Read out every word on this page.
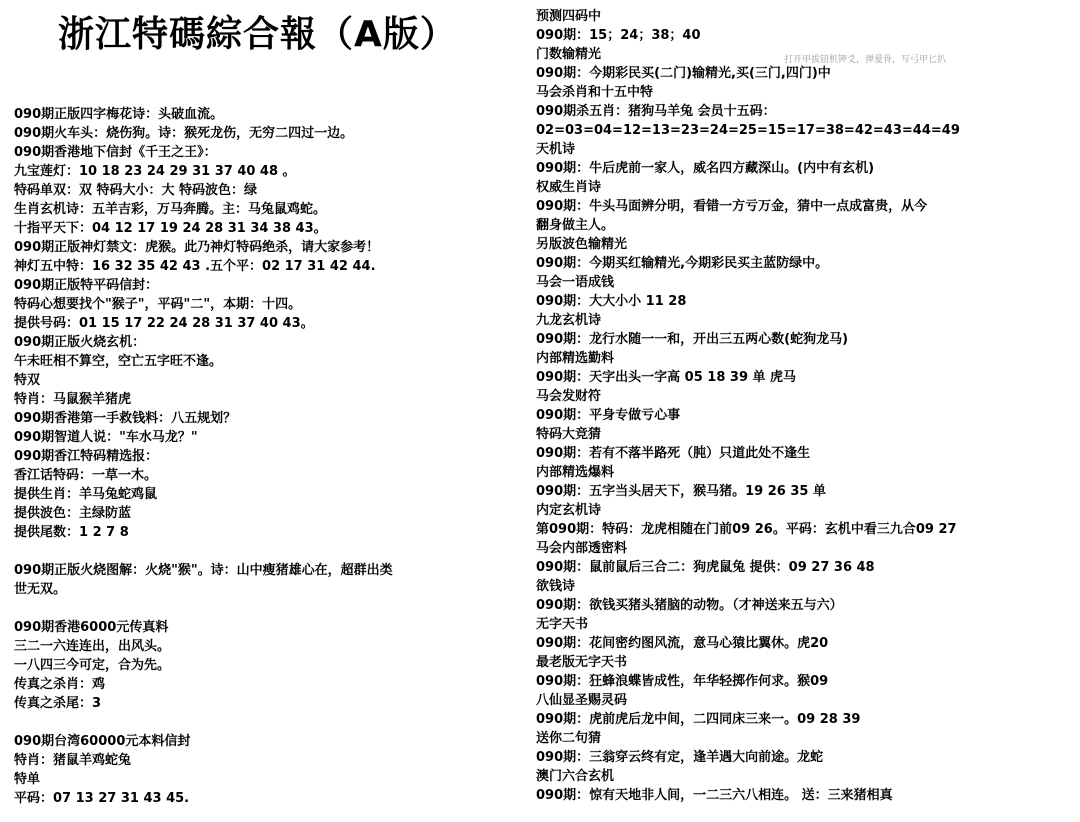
浙江特碼綜合報（A版）
打开甲拔钮机钾爻，弹爱骨，写弓甲匕扒
090期正版四字梅花诗：头破血流。
090期火车头：烧伤狗。诗：猴死龙伤，无穷二四过一边。
090期香港地下信封《千王之王》：
九宝莲灯：10 18 23 24 29 31 37 40 48 。
特码单双：双 特码大小：大 特码波色：绿
生肖玄机诗：五羊吉彩，万马奔腾。主：马兔鼠鸡蛇。
十指平天下：04 12 17 19 24 28 31 34 38 43。
090期正版神灯禁文：虎猴。此乃神灯特码绝杀，请大家参考！
神灯五中特：16 32 35 42 43 .五个平：02 17 31 42 44.
090期正版特平码信封：
特码心想要找个"猴子"，平码"二"，本期：十四。
提供号码：01 15 17 22 24 28 31 37 40 43。
090期正版火烧玄机：
午未旺相不算空，空亡五字旺不逢。
特双
特肖：马鼠猴羊猪虎
090期香港第一手救钱料：八五规划？
090期智道人说："车水马龙？"
090期香江特码精选报：
香江话特码：一草一木。
提供生肖：羊马兔蛇鸡鼠
提供波色：主绿防蓝
提供尾数：1 2 7 8
090期正版火烧图解：火烧"猴"。诗：山中瘦猪雄心在，超群出类
世无双。
090期香港6000元传真料
三二一六连连出，出风头。
一八四三今可定，合为先。
传真之杀肖：鸡
传真之杀尾：3
090期台湾60000元本料信封
特肖：猪鼠羊鸡蛇兔
特单
平码：07 13 27 31 43 45.
预测四码中
090期：15；24；38；40
门数输精光
090期：今期彩民买(二门)输精光,买(三门,四门)中
马会杀肖和十五中特
090期杀五肖：猪狗马羊兔 会员十五码：
02=03=04=12=13=23=24=25=15=17=38=42=43=44=49
天机诗
090期：牛后虎前一家人，威名四方藏深山。(内中有玄机)
权威生肖诗
090期：牛头马面辨分明，看错一方亏万金，猜中一点成富贵，从今
翻身做主人。
另版波色输精光
090期：今期买红输精光,今期彩民买主蓝防绿中。
马会一语成钱
090期：大大小小 11 28
九龙玄机诗
090期：龙行水随一一和，开出三五两心数(蛇狗龙马)
内部精选勤料
090期：天字出头一字高 05 18 39 单 虎马
马会发财符
090期：平身专做亏心事
特码大竞猜
090期：若有不落半路死（肫）只道此处不逢生
内部精选爆料
090期：五字当头居天下，猴马猪。19 26 35 单
内定玄机诗
第090期：特码：龙虎相随在门前09 26。平码：玄机中看三九合09 27
马会内部透密料
090期：鼠前鼠后三合二：狗虎鼠兔 提供：09 27 36 48
欲钱诗
090期：欲钱买猪头猪脑的动物。（才神送来五与六）
无字天书
090期：花间密约图风流，意马心猿比翼休。虎20
最老版无字天书
090期：狂蜂浪蝶皆成性，年华轻掷作何求。猴09
八仙显圣赐灵码
090期：虎前虎后龙中间，二四同床三来一。09 28 39
送你二句猜
090期：三翁穿云终有定，逢羊遇大向前途。龙蛇
澳门六合玄机
090期：惊有天地非人间，一二三六八相连。 送：三来猪相真
